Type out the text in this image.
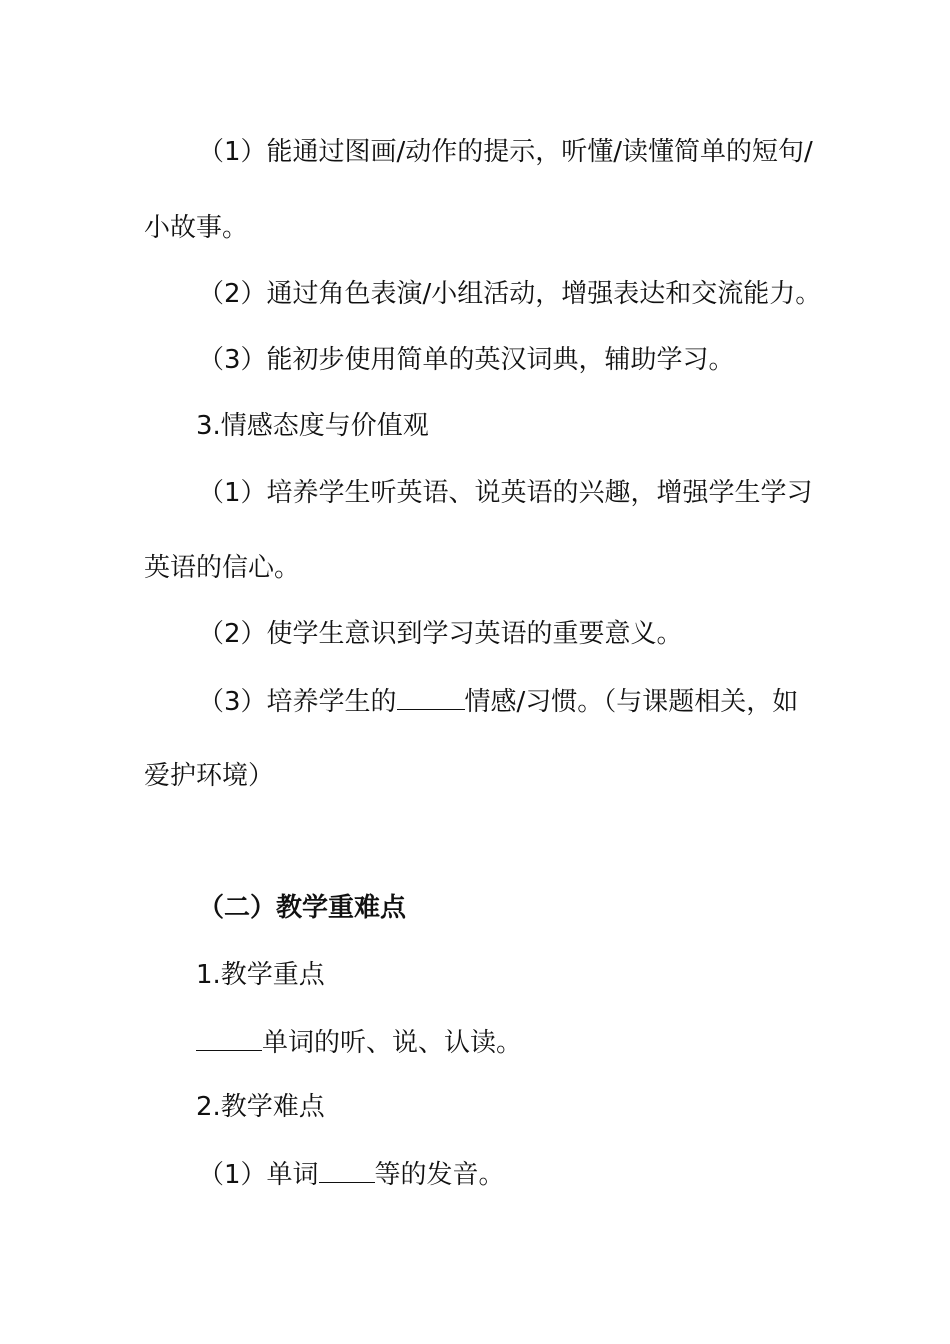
（1）能通过图画/动作的提示，听懂/读懂简单的短句/
小故事。
（2）通过角色表演/小组活动，增强表达和交流能力。
（3）能初步使用简单的英汉词典，辅助学习。
3.情感态度与价值观
（1）培养学生听英语、说英语的兴趣，增强学生学习
英语的信心。
（2）使学生意识到学习英语的重要意义。
（3）培养学生的	情感/习惯。（与课题相关，如
爱护环境）
（二）教学重难点
1.教学重点
单词的听、说、认读。
2.教学难点
（1）单词 等的发音。
